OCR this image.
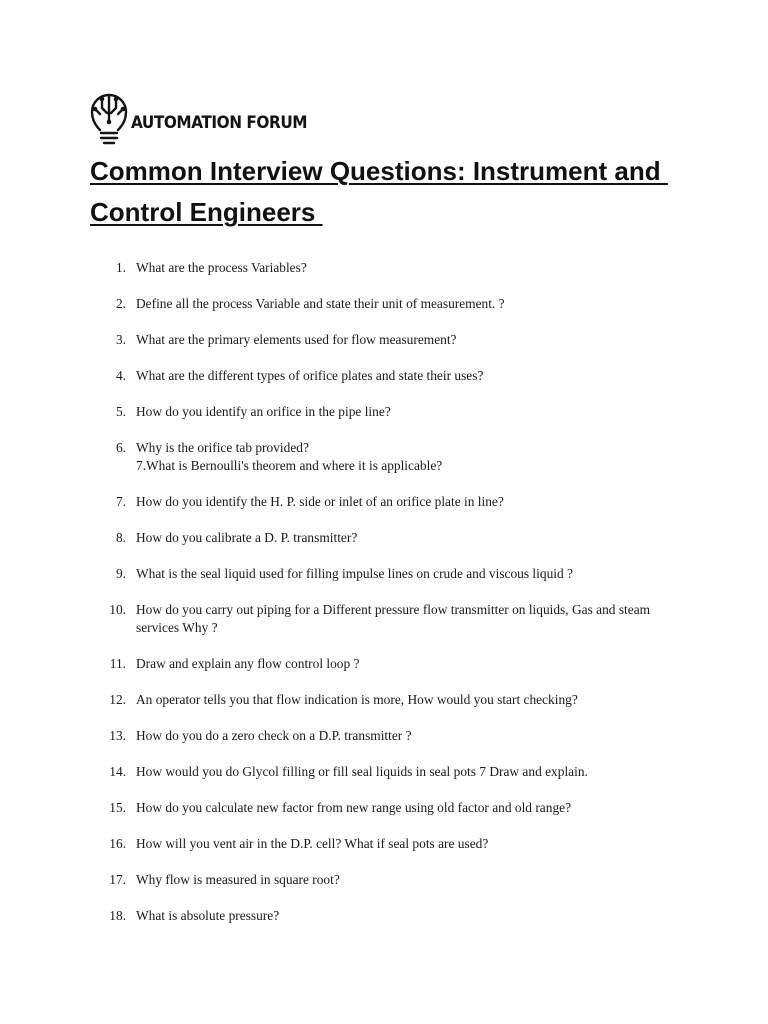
AUTOMATION FORUM
Common Interview Questions: Instrument and
Control Engineers
1. What are the process Variables?
2. Define all the process Variable and state their unit of measurement. ?
3. What are the primary elements used for flow measurement?
4. What are the different types of orifice plates and state their uses?
5. How do you identify an orifice in the pipe line?
6. Why is the orifice tab provided?
7.What is Bernoulli's theorem and where it is applicable?
7. How do you identify the H. P. side or inlet of an orifice plate in line?
8. How do you calibrate a D. P. transmitter?
9. What is the seal liquid used for filling impulse lines on crude and viscous liquid ?
10. How do you carry out piping for a Different pressure flow transmitter on liquids, Gas and steam services Why ?
11. Draw and explain any flow control loop ?
12. An operator tells you that flow indication is more, How would you start checking?
13. How do you do a zero check on a D.P. transmitter ?
14. How would you do Glycol filling or fill seal liquids in seal pots 7 Draw and explain.
15. How do you calculate new factor from new range using old factor and old range?
16. How will you vent air in the D.P. cell? What if seal pots are used?
17. Why flow is measured in square root?
18. What is absolute pressure?
